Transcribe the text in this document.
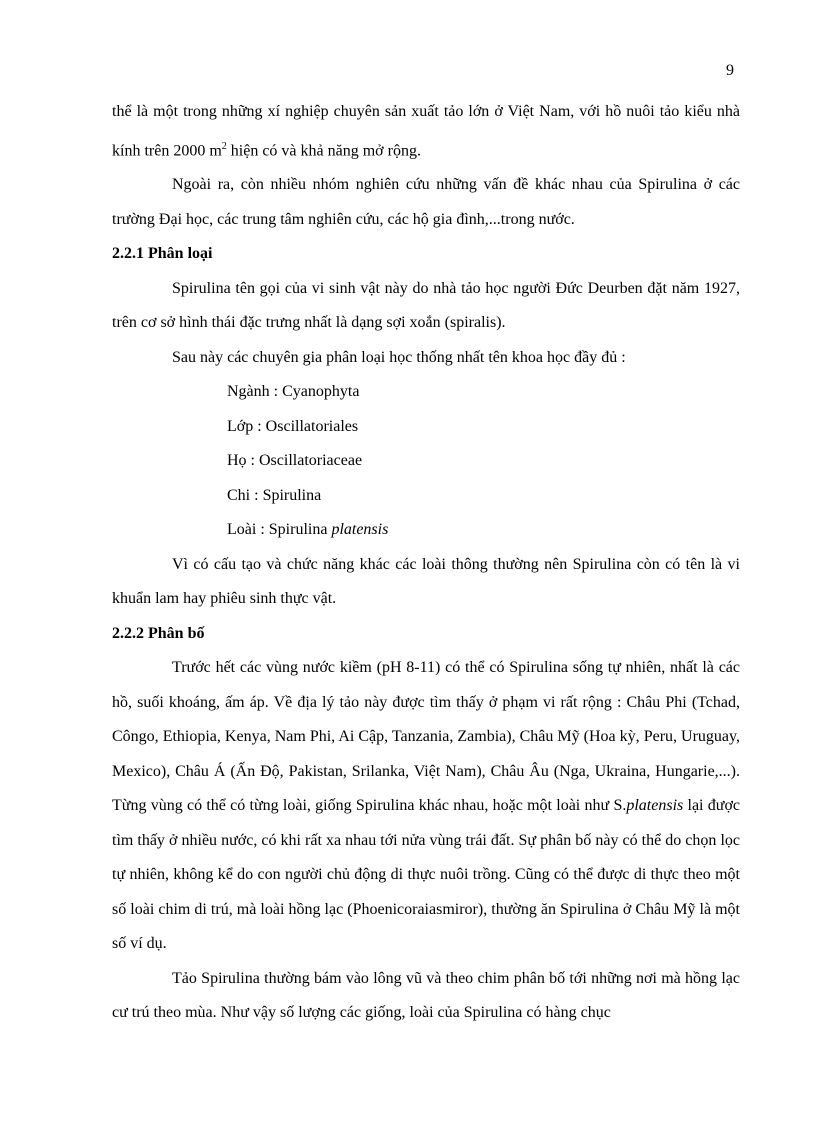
9

thể là một trong những xí nghiệp chuyên sản xuất tảo lớn ở Việt Nam, với hồ nuôi tảo kiểu nhà kính trên 2000 $m^2$ hiện có và khả năng mở rộng.

Ngoài ra, còn nhiều nhóm nghiên cứu những vấn đề khác nhau của Spirulina ở các trường Đại học, các trung tâm nghiên cứu, các hộ gia đình,...trong nước.

2.2.1 Phân loại

Spirulina tên gọi của vi sinh vật này do nhà tảo học người Đức Deurben đặt năm 1927, trên cơ sở hình thái đặc trưng nhất là dạng sợi xoắn (spiralis).

Sau này các chuyên gia phân loại học thống nhất tên khoa học đầy đủ :

Ngành : Cyanophyta

Lớp : Oscillatoriales

Họ : Oscillatoriaceae

Chi : Spirulina

Loài : Spirulina platensis

Vì có cấu tạo và chức năng khác các loài thông thường nên Spirulina còn có tên là vi khuẩn lam hay phiêu sinh thực vật.

2.2.2 Phân bố

Trước hết các vùng nước kiềm (pH 8-11) có thể có Spirulina sống tự nhiên, nhất là các hồ, suối khoáng, ấm áp. Về địa lý tảo này được tìm thấy ở phạm vi rất rộng : Châu Phi (Tchad, Côngo, Ethiopia, Kenya, Nam Phi, Ai Cập, Tanzania, Zambia), Châu Mỹ (Hoa kỳ, Peru, Uruguay, Mexico), Châu Á (Ấn Độ, Pakistan, Srilanka, Việt Nam), Châu Âu (Nga, Ukraina, Hungarie,...). Từng vùng có thể có từng loài, giống Spirulina khác nhau, hoặc một loài như S.platensis lại được tìm thấy ở nhiều nước, có khi rất xa nhau tới nửa vùng trái đất. Sự phân bố này có thể do chọn lọc tự nhiên, không kể do con người chủ động di thực nuôi trồng. Cũng có thể được di thực theo một số loài chim di trú, mà loài hồng lạc (Phoenicoraiasmiror), thường ăn Spirulina ở Châu Mỹ là một số ví dụ.

Tảo Spirulina thường bám vào lông vũ và theo chim phân bố tới những nơi mà hồng lạc cư trú theo mùa. Như vậy số lượng các giống, loài của Spirulina có hàng chục
